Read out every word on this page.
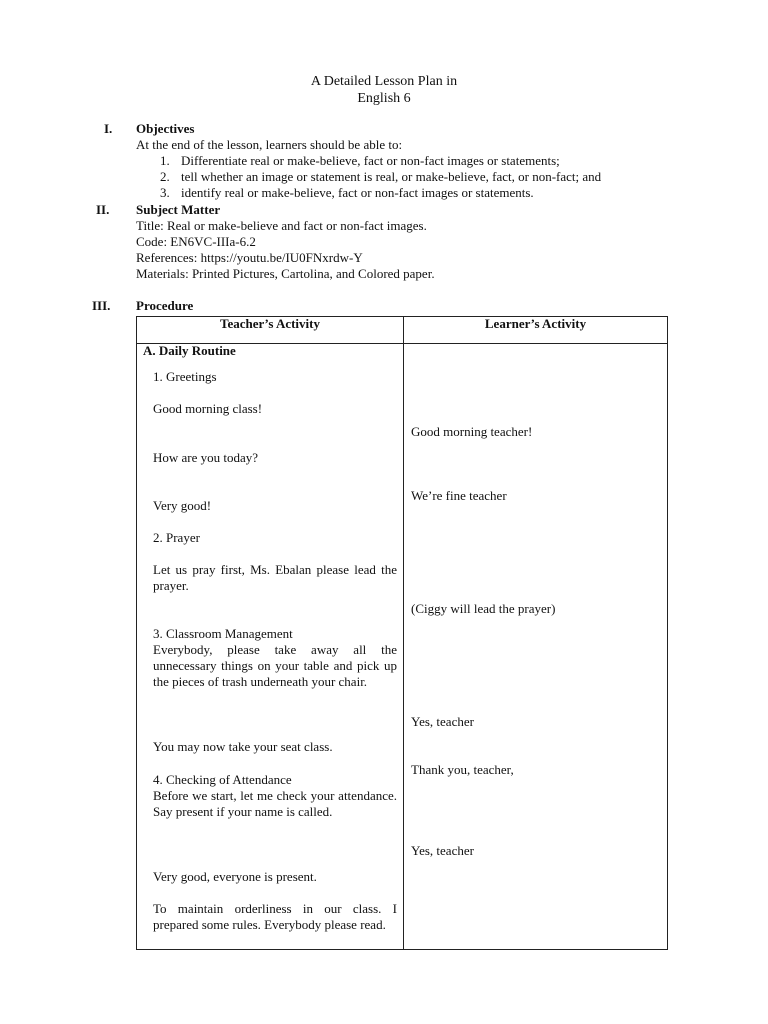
A Detailed Lesson Plan in
English 6
I. Objectives
At the end of the lesson, learners should be able to:
1. Differentiate real or make-believe, fact or non-fact images or statements;
2. tell whether an image or statement is real, or make-believe, fact, or non-fact; and
3. identify real or make-believe, fact or non-fact images or statements.
II. Subject Matter
Title: Real or make-believe and fact or non-fact images.
Code: EN6VC-IIIa-6.2
References: https://youtu.be/IU0FNxrdw-Y
Materials: Printed Pictures, Cartolina, and Colored paper.
III. Procedure
Teacher’s Activity	Learner’s Activity
A. Daily Routine
1. Greetings
Good morning class!
How are you today?
Very good!
2. Prayer
Let us pray first, Ms. Ebalan please lead the prayer.
3. Classroom Management
Everybody, please take away all the unnecessary things on your table and pick up the pieces of trash underneath your chair.
You may now take your seat class.
4. Checking of Attendance
Before we start, let me check your attendance. Say present if your name is called.
Very good, everyone is present.
To maintain orderliness in our class. I prepared some rules. Everybody please read.
Good morning teacher!
We’re fine teacher
(Ciggy will lead the prayer)
Yes, teacher
Thank you, teacher,
Yes, teacher
